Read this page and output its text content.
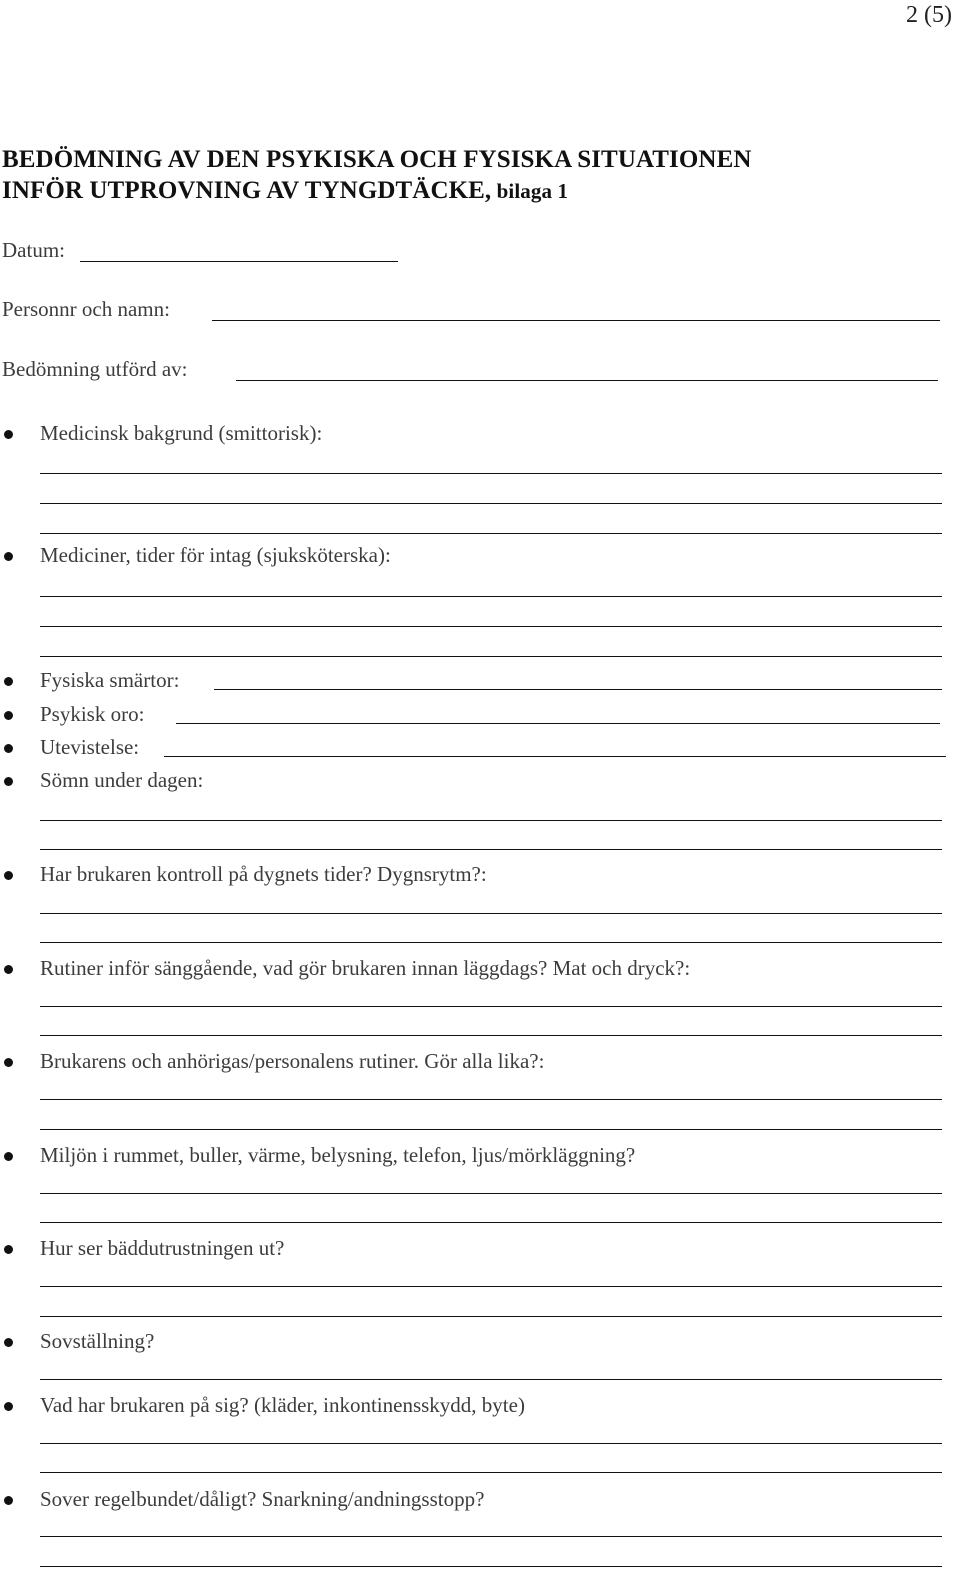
2 (5)
BEDÖMNING AV DEN PSYKISKA OCH FYSISKA SITUATIONEN
INFÖR UTPROVNING AV TYNGDTÄCKE, bilaga 1
Datum:
Personnr och namn:
Bedömning utförd av:
Medicinsk bakgrund (smittorisk):
Mediciner, tider för intag (sjuksköterska):
Fysiska smärtor:
Psykisk oro:
Utevistelse:
Sömn under dagen:
Har brukaren kontroll på dygnets tider? Dygnsrytm?:
Rutiner inför sänggående, vad gör brukaren innan läggdags? Mat och dryck?:
Brukarens och anhörigas/personalens rutiner. Gör alla lika?:
Miljön i rummet, buller, värme, belysning, telefon, ljus/mörkläggning?
Hur ser bäddutrustningen ut?
Sovställning?
Vad har brukaren på sig? (kläder, inkontinensskydd, byte)
Sover regelbundet/dåligt? Snarkning/andningsstopp?
